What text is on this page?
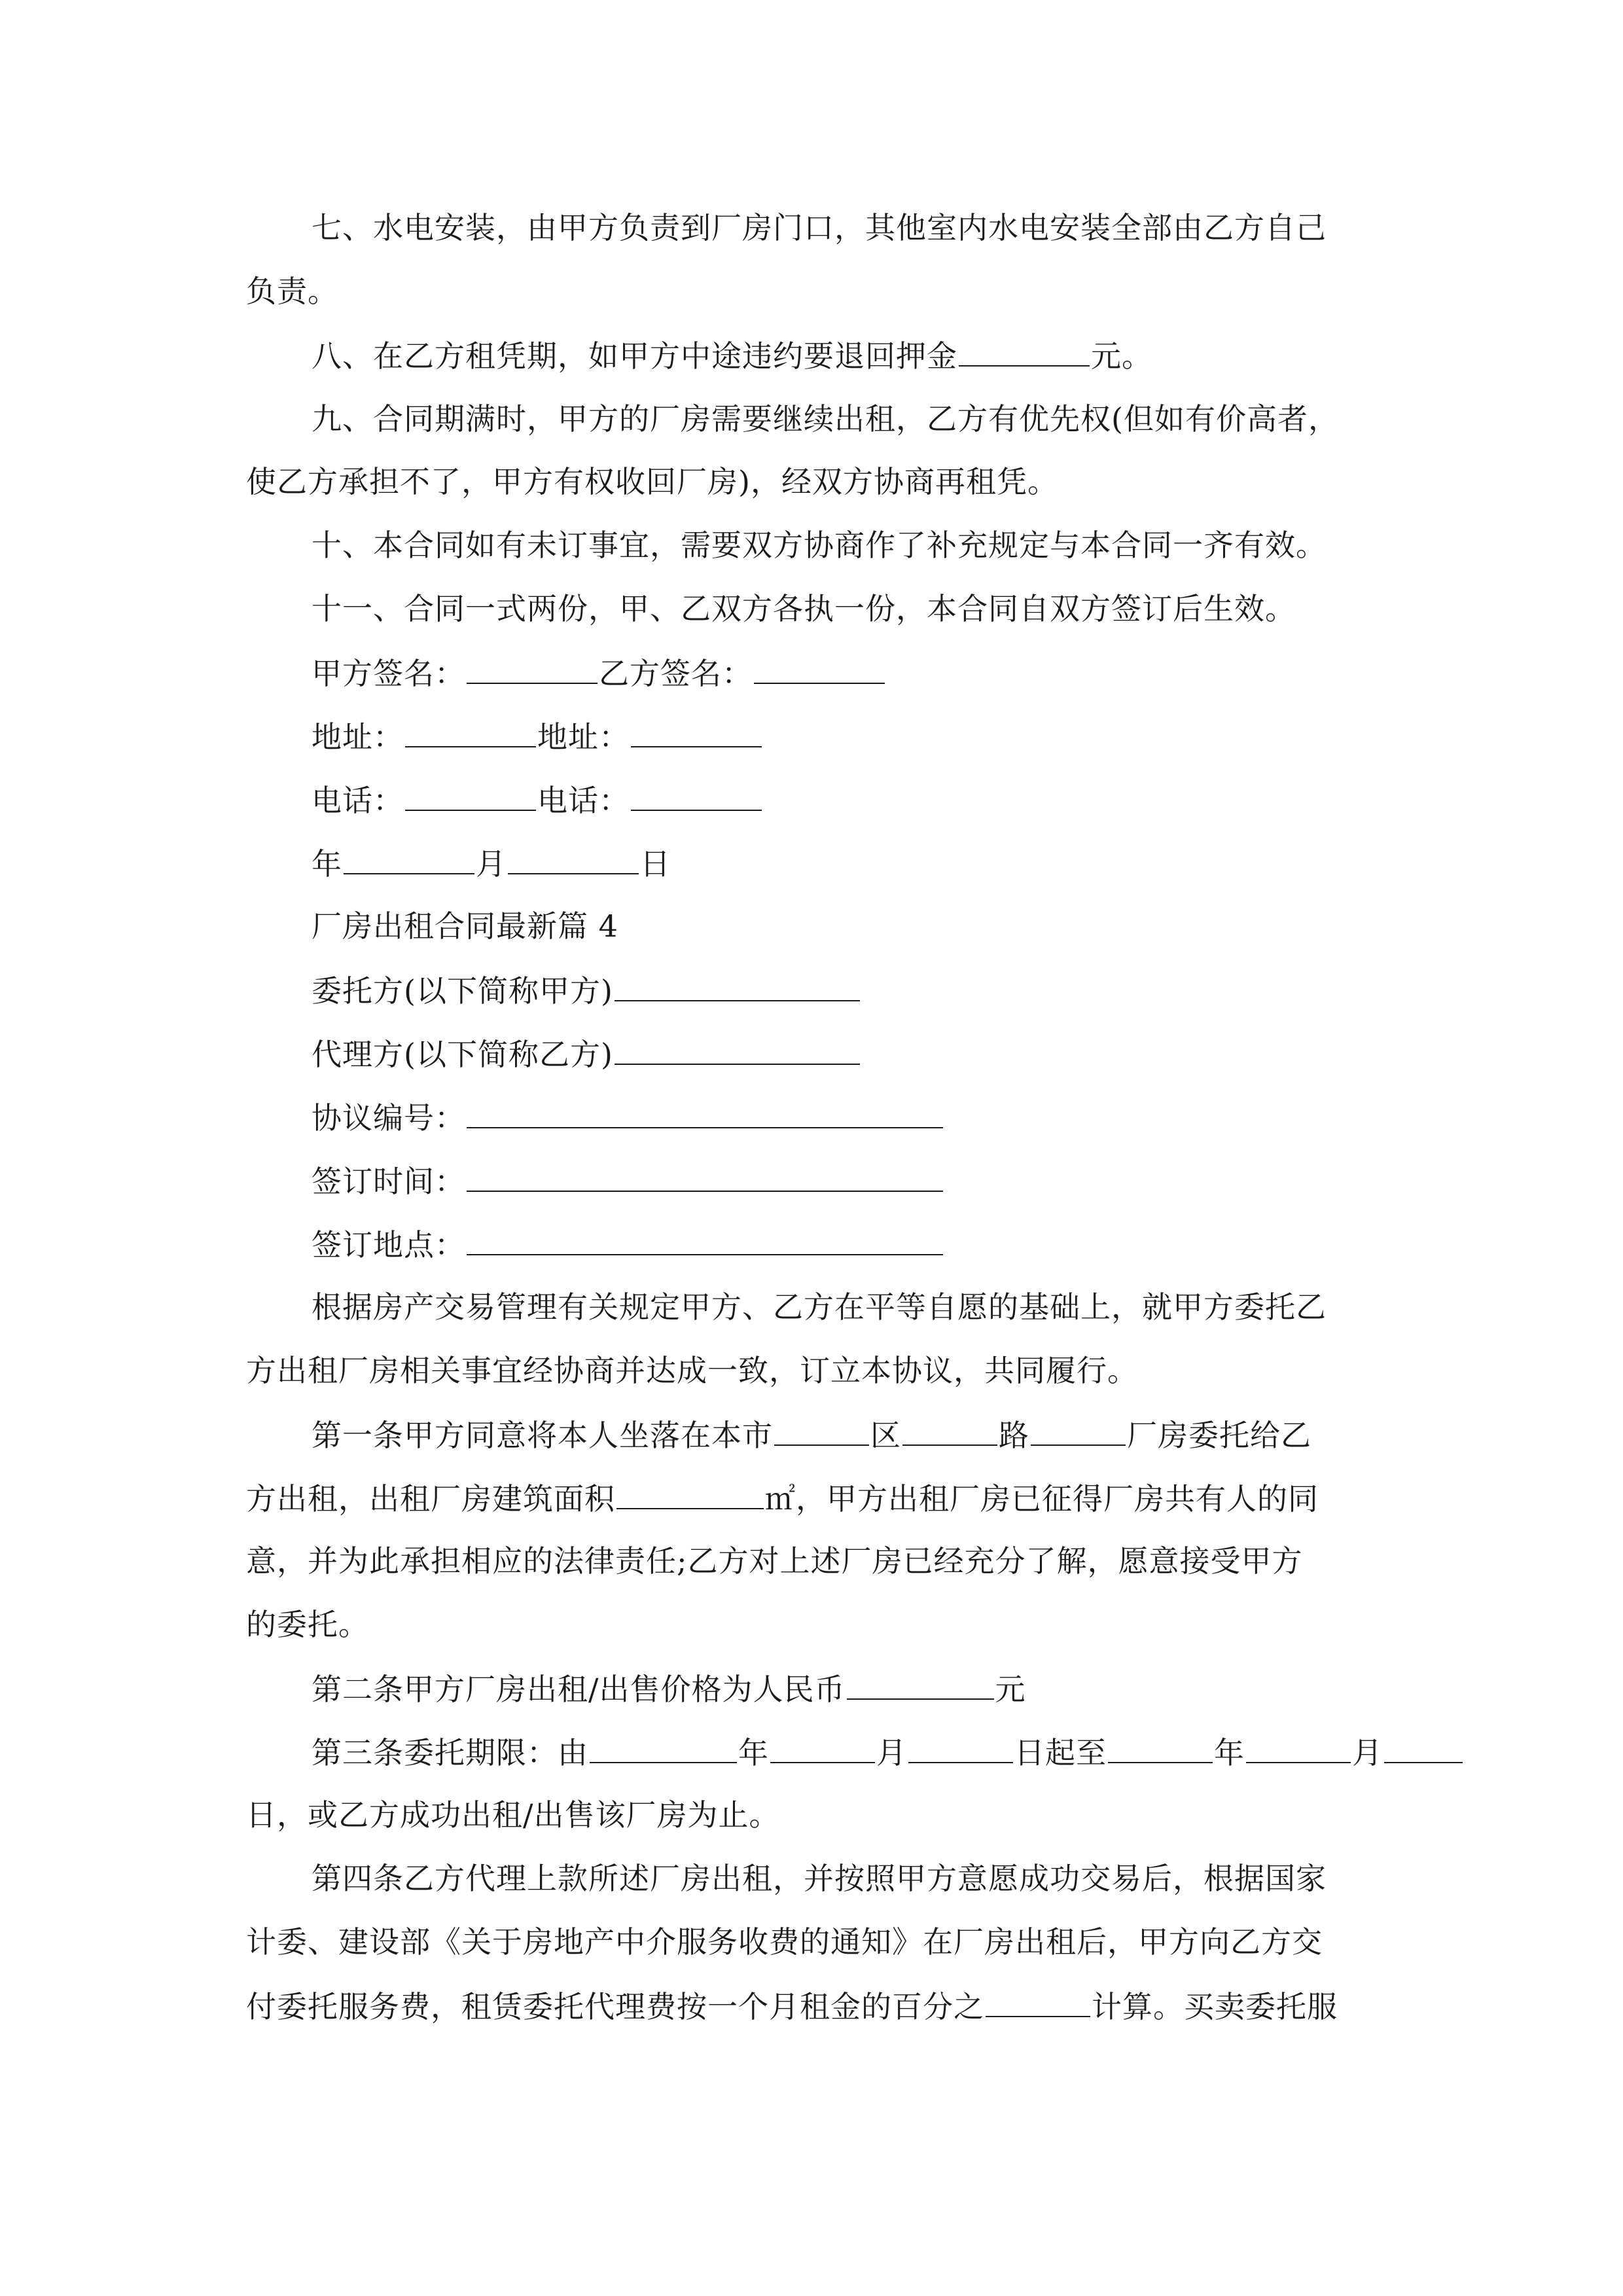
七、水电安装，由甲方负责到厂房门口，其他室内水电安装全部由乙方自己
负责。
八、在乙方租凭期，如甲方中途违约要退回押金	元。
九、合同期满时，甲方的厂房需要继续出租，乙方有优先权(但如有价高者，
使乙方承担不了，甲方有权收回厂房)，经双方协商再租凭。
十、本合同如有未订事宜，需要双方协商作了补充规定与本合同一齐有效。
十一、合同一式两份，甲、乙双方各执一份，本合同自双方签订后生效。
甲方签名：	乙方签名：
地址：	地址：
电话：	电话：
年	月	日
厂房出租合同最新篇 4
委托方(以下简称甲方)
代理方(以下简称乙方)
协议编号：
签订时间：
签订地点：
根据房产交易管理有关规定甲方、乙方在平等自愿的基础上，就甲方委托乙
方出租厂房相关事宜经协商并达成一致，订立本协议，共同履行。
第一条甲方同意将本人坐落在本市	区	路	厂房委托给乙
方出租，出租厂房建筑面积	㎡，甲方出租厂房已征得厂房共有人的同
意，并为此承担相应的法律责任;乙方对上述厂房已经充分了解，愿意接受甲方
的委托。
第二条甲方厂房出租/出售价格为人民币	元
第三条委托期限：由	年	月	日起至	年	月
日，或乙方成功出租/出售该厂房为止。
第四条乙方代理上款所述厂房出租，并按照甲方意愿成功交易后，根据国家
计委、建设部《关于房地产中介服务收费的通知》在厂房出租后，甲方向乙方交
付委托服务费，租赁委托代理费按一个月租金的百分之	计算。买卖委托服
